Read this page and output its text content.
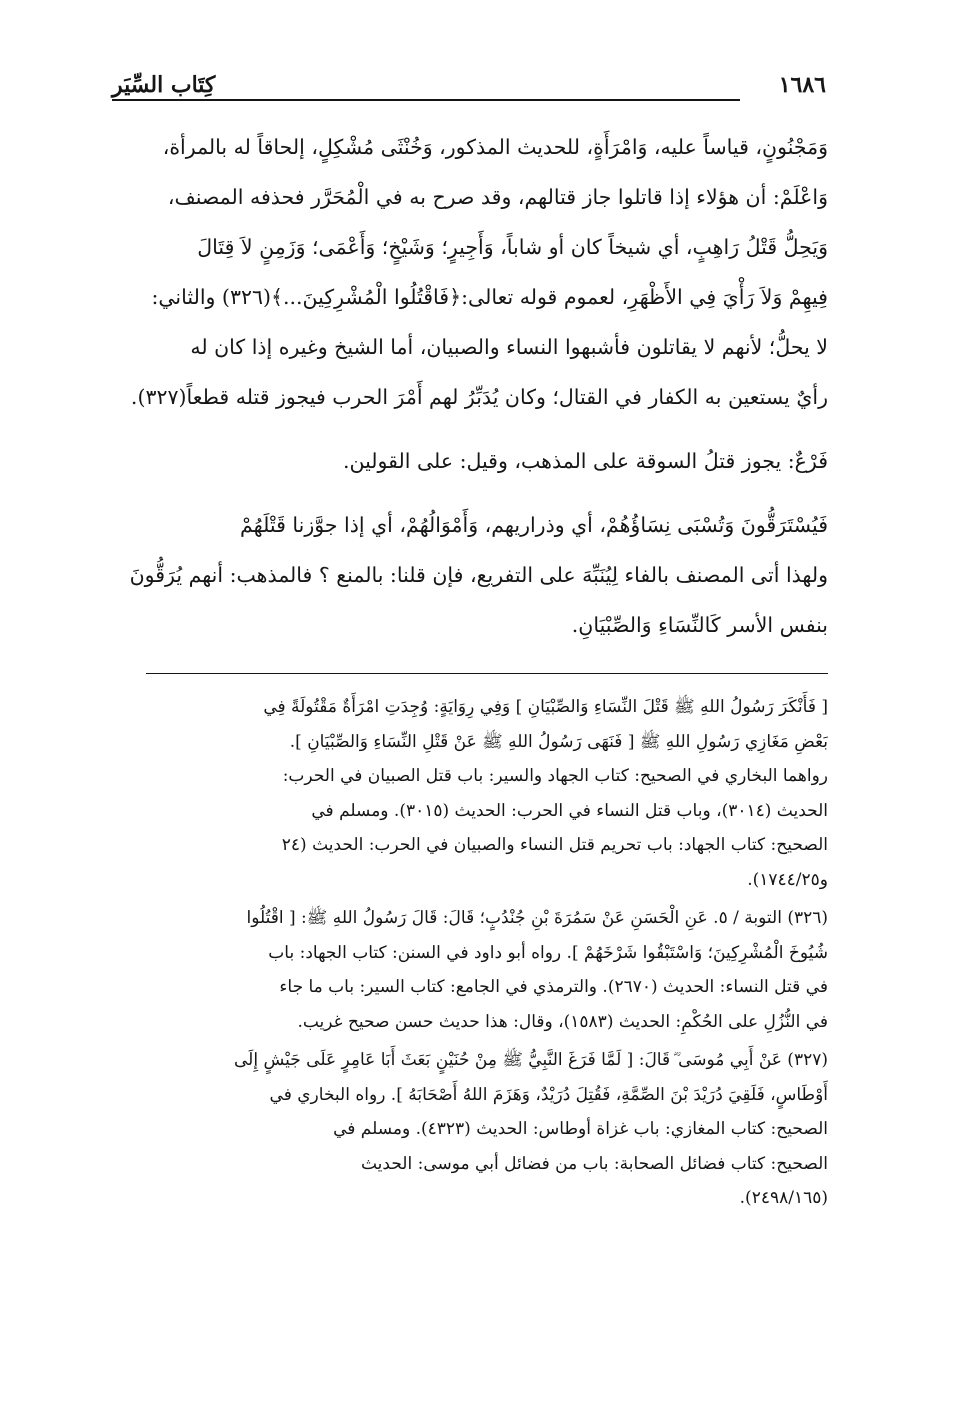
١٦٨٦
كِتَاب السِّيَر
وَمَجْنُونٍ، قياساً عليه، وَامْرَأَةٍ، للحديث المذكور، وَخُنْثَى مُشْكِلٍ، إلحاقاً له بالمرأة،
وَاعْلَمْ: أن هؤلاء إذا قاتلوا جاز قتالهم، وقد صرح به في الْمُحَرَّر فحذفه المصنف،
وَيَحِلُّ قَتْلُ رَاهِبٍ، أي شيخاً كان أو شاباً، وَأَجِيرٍ؛ وَشَيْخٍ؛ وَأَعْمَى؛ وَزَمِنٍ لاَ قِتَالَ
فِيهِمْ وَلاَ رَأْيَ فِي الأَظْهَرِ، لعموم قوله تعالى:﴿فَاقْتُلُوا الْمُشْرِكِينَ...﴾(٣٢٦) والثاني:
لا يحلُّ؛ لأنهم لا يقاتلون فأشبهوا النساء والصبيان، أما الشيخ وغيره إذا كان له
رأيٌ يستعين به الكفار في القتال؛ وكان يُدَبِّرُ لهم أَمْرَ الحرب فيجوز قتله قطعاً(٣٢٧).
فَرْعٌ: يجوز قتلُ السوقة على المذهب، وقيل: على القولين.
فَيُسْتَرَقُّونَ وَتُسْبَى نِسَاؤُهُمْ، أي وذراريهم، وَأَمْوَالُهُمْ، أي إذا جوَّزنا قَتْلَهُمْ
ولهذا أتى المصنف بالفاء لِيُنَبِّهَ على التفريع، فإن قلنا: بالمنع ؟ فالمذهب: أنهم يُرَقُّونَ
بنفس الأسر كَالنِّسَاءِ وَالصِّبْيَانِ.
[ فَأَنْكَرَ رَسُولُ اللهِ ﷺ قَتْلَ النِّسَاءِ وَالصِّبْيَانِ ] وَفِي رِوَايَةٍ: وُجِدَتِ امْرَأَةٌ مَقْتُولَةً فِي
بَعْضِ مَغَازِي رَسُولِ اللهِ ﷺ [ فَنَهَى رَسُولُ اللهِ ﷺ عَنْ قَتْلِ النِّسَاءِ وَالصِّبْيَانِ ].
رواهما البخاري في الصحيح: كتاب الجهاد والسير: باب قتل الصبيان في الحرب:
الحديث (٣٠١٤)، وباب قتل النساء في الحرب: الحديث (٣٠١٥). ومسلم في
الصحيح: كتاب الجهاد: باب تحريم قتل النساء والصبيان في الحرب: الحديث (٢٤
و١٧٤٤/٢٥).
(٣٢٦) التوبة / ٥. عَنِ الْحَسَنِ عَنْ سَمُرَةَ بْنِ جُنْدُبٍ؛ قَالَ: قَالَ رَسُولُ اللهِ ﷺ: [ اقْتُلُوا
شُيُوخَ الْمُشْرِكِينَ؛ وَاسْتَبْقُوا شَرْخَهُمْ ]. رواه أبو داود في السنن: كتاب الجهاد: باب
في قتل النساء: الحديث (٢٦٧٠). والترمذي في الجامع: كتاب السير: باب ما جاء
في النُّزُلِ على الحُكْمِ: الحديث (١٥٨٣)، وقال: هذا حديث حسن صحيح غريب.
(٣٢٧) عَنْ أَبِي مُوسَى ؓ قَالَ: [ لَمَّا فَرَغَ النَّبِيُّ ﷺ مِنْ حُنَيْنٍ بَعَثَ أَبَا عَامِرٍ عَلَى جَيْشٍ إِلَى
أَوْطَاسٍ، فَلَقِيَ دُرَيْدَ بْنَ الصِّمَّةِ، فَقُتِلَ دُرَيْدٌ، وَهَزَمَ اللهُ أَصْحَابَهُ ]. رواه البخاري في
الصحيح: كتاب المغازي: باب غزاة أوطاس: الحديث (٤٣٢٣). ومسلم في
الصحيح: كتاب فضائل الصحابة: باب من فضائل أبي موسى: الحديث
(٢٤٩٨/١٦٥).
